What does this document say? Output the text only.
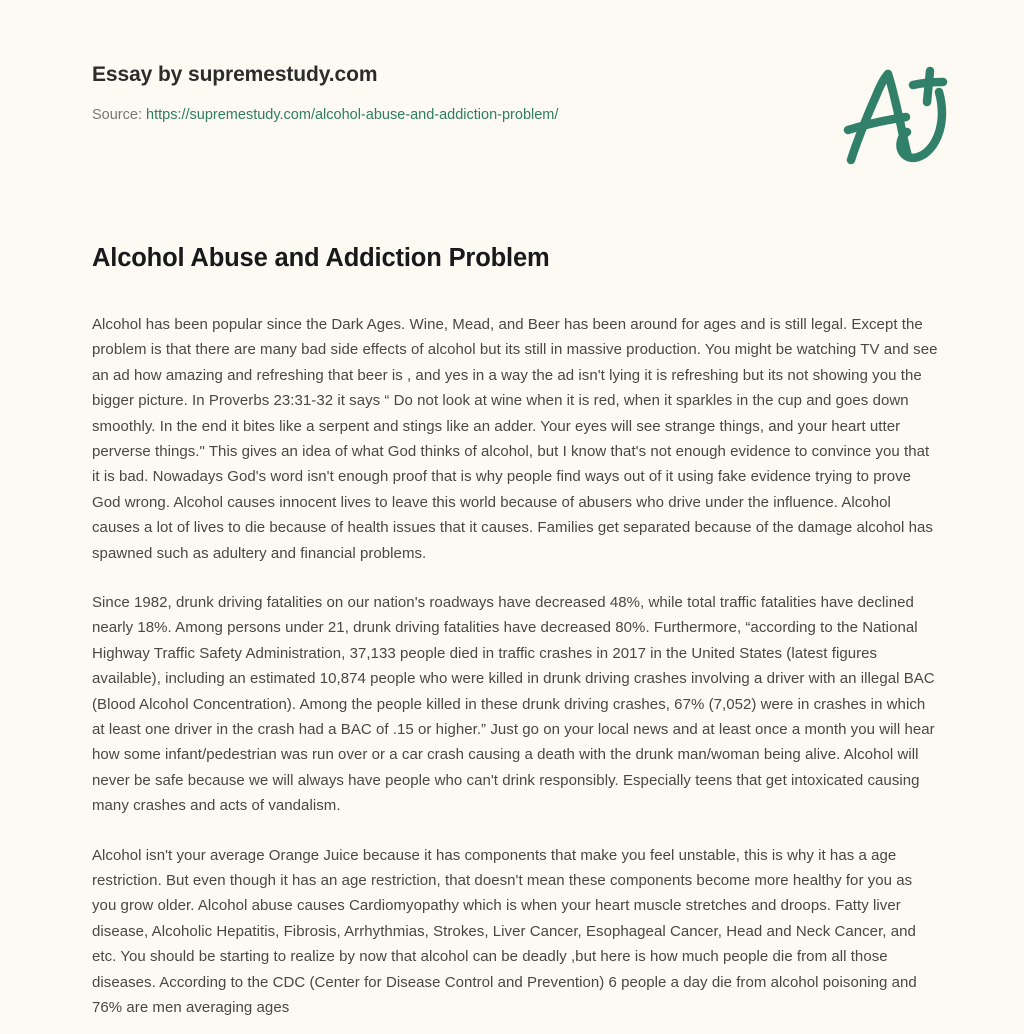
Essay by supremestudy.com

Source: https://supremestudy.com/alcohol-abuse-and-addiction-problem/

Alcohol Abuse and Addiction Problem

Alcohol has been popular since the Dark Ages. Wine, Mead, and Beer has been around for ages and is still legal. Except the problem is that there are many bad side effects of alcohol but its still in massive production. You might be watching TV and see an ad how amazing and refreshing that beer is , and yes in a way the ad isn't lying it is refreshing but its not showing you the bigger picture. In Proverbs 23:31-32 it says “ Do not look at wine when it is red, when it sparkles in the cup and goes down smoothly. In the end it bites like a serpent and stings like an adder. Your eyes will see strange things, and your heart utter perverse things." This gives an idea of what God thinks of alcohol, but I know that's not enough evidence to convince you that it is bad. Nowadays God's word isn't enough proof that is why people find ways out of it using fake evidence trying to prove God wrong. Alcohol causes innocent lives to leave this world because of abusers who drive under the influence. Alcohol causes a lot of lives to die because of health issues that it causes. Families get separated because of the damage alcohol has spawned such as adultery and financial problems.

Since 1982, drunk driving fatalities on our nation's roadways have decreased 48%, while total traffic fatalities have declined nearly 18%. Among persons under 21, drunk driving fatalities have decreased 80%. Furthermore, “according to the National Highway Traffic Safety Administration, 37,133 people died in traffic crashes in 2017 in the United States (latest figures available), including an estimated 10,874 people who were killed in drunk driving crashes involving a driver with an illegal BAC (Blood Alcohol Concentration). Among the people killed in these drunk driving crashes, 67% (7,052) were in crashes in which at least one driver in the crash had a BAC of .15 or higher.” Just go on your local news and at least once a month you will hear how some infant/pedestrian was run over or a car crash causing a death with the drunk man/woman being alive. Alcohol will never be safe because we will always have people who can't drink responsibly. Especially teens that get intoxicated causing many crashes and acts of vandalism.

Alcohol isn't your average Orange Juice because it has components that make you feel unstable, this is why it has a age restriction. But even though it has an age restriction, that doesn't mean these components become more healthy for you as you grow older. Alcohol abuse causes Cardiomyopathy which is when your heart muscle stretches and droops. Fatty liver disease, Alcoholic Hepatitis, Fibrosis, Arrhythmias, Strokes, Liver Cancer, Esophageal Cancer, Head and Neck Cancer, and etc. You should be starting to realize by now that alcohol can be deadly ,but here is how much people die from all those diseases. According to the CDC (Center for Disease Control and Prevention) 6 people a day die from alcohol poisoning and 76% are men averaging ages
